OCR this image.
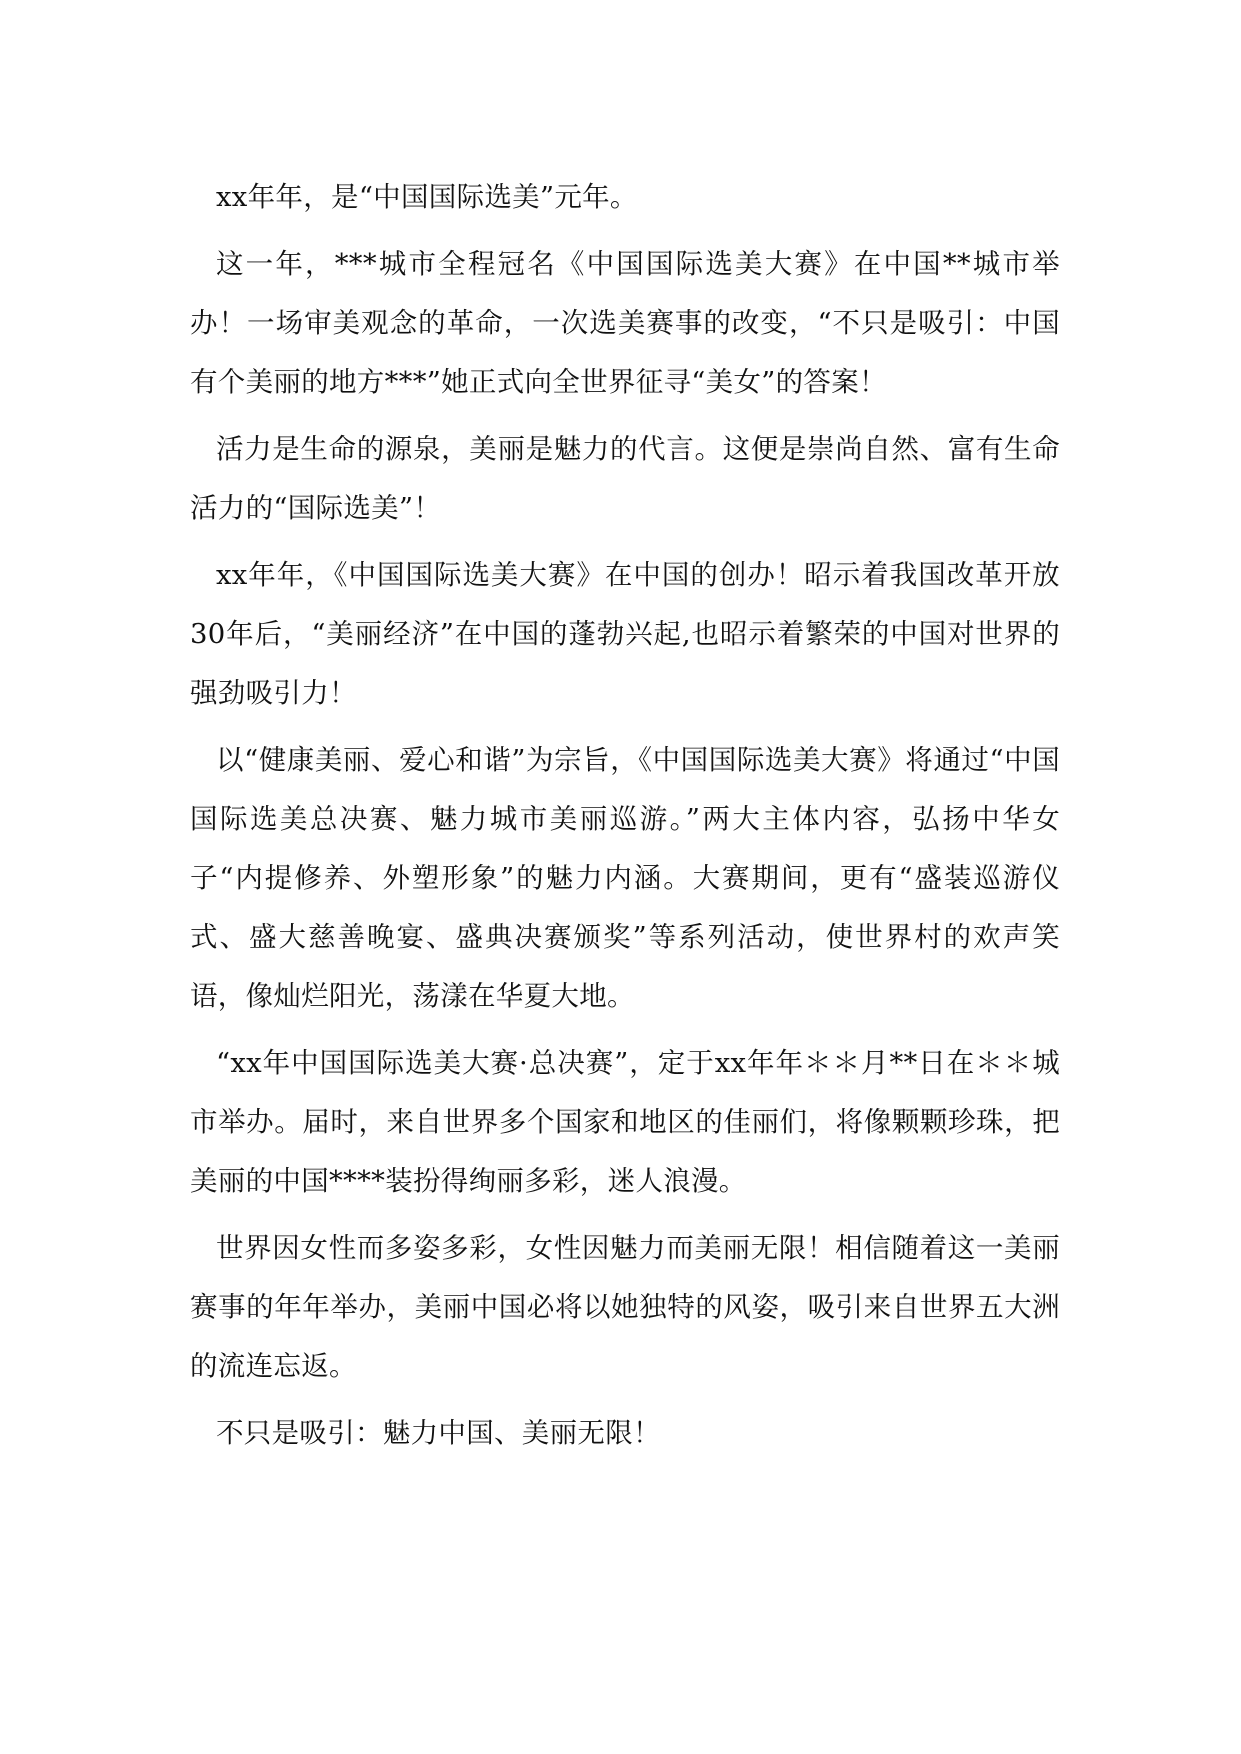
xx年年，是“中国国际选美”元年。

这一年，***城市全程冠名《中国国际选美大赛》在中国**城市举办！一场审美观念的革命，一次选美赛事的改变，“不只是吸引：中国有个美丽的地方***”她正式向全世界征寻“美女”的答案！

活力是生命的源泉，美丽是魅力的代言。这便是崇尚自然、富有生命活力的“国际选美”！

xx年年，《中国国际选美大赛》在中国的创办！昭示着我国改革开放30年后，“美丽经济”在中国的蓬勃兴起,也昭示着繁荣的中国对世界的强劲吸引力！

以“健康美丽、爱心和谐”为宗旨，《中国国际选美大赛》将通过“中国国际选美总决赛、魅力城市美丽巡游。”两大主体内容，弘扬中华女子“内提修养、外塑形象”的魅力内涵。大赛期间，更有“盛装巡游仪式、盛大慈善晚宴、盛典决赛颁奖”等系列活动，使世界村的欢声笑语，像灿烂阳光，荡漾在华夏大地。

“xx年中国国际选美大赛·总决赛”，定于xx年年＊＊月**日在＊＊城市举办。届时，来自世界多个国家和地区的佳丽们，将像颗颗珍珠，把美丽的中国****装扮得绚丽多彩，迷人浪漫。

世界因女性而多姿多彩，女性因魅力而美丽无限！相信随着这一美丽赛事的年年举办，美丽中国必将以她独特的风姿，吸引来自世界五大洲的流连忘返。

不只是吸引：魅力中国、美丽无限！
